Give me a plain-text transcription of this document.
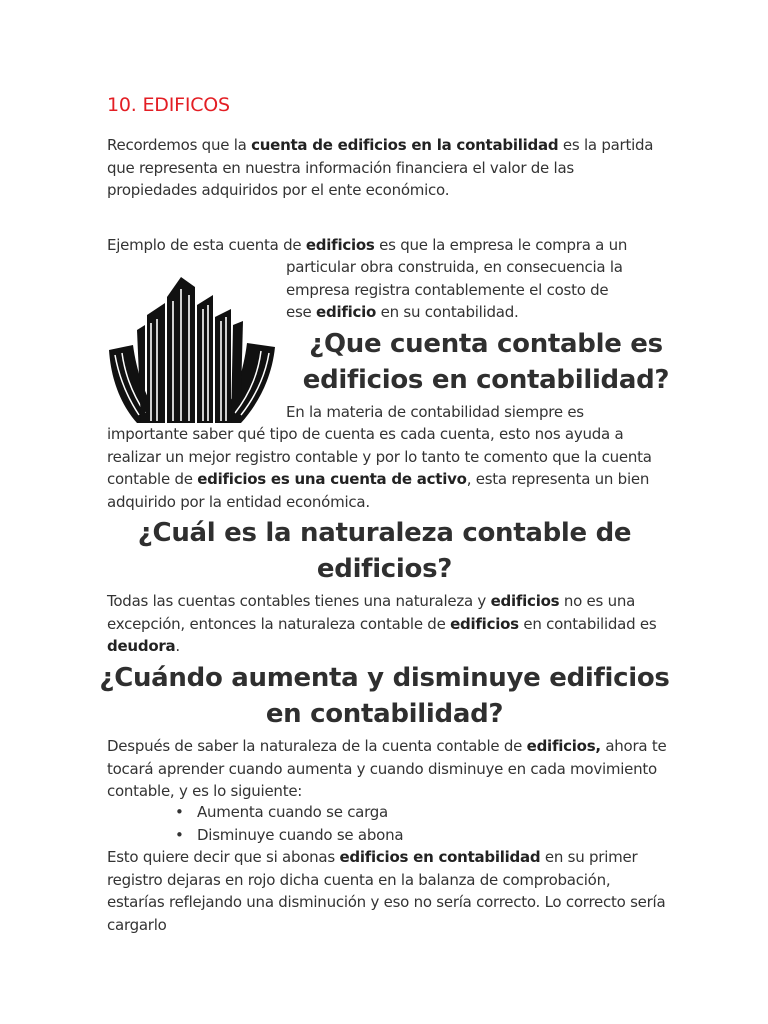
10. EDIFICOS

Recordemos que la cuenta de edificios en la contabilidad es la partida que representa en nuestra información financiera el valor de las propiedades adquiridos por el ente económico.

Ejemplo de esta cuenta de edificios es que la empresa le compra a un

particular obra construida, en consecuencia la
empresa registra contablemente el costo de
ese edificio en su contabilidad.

¿Que cuenta contable es
edificios en contabilidad?

En la materia de contabilidad siempre es

importante saber qué tipo de cuenta es cada cuenta, esto nos ayuda a realizar un mejor registro contable y por lo tanto te comento que la cuenta contable de edificios es una cuenta de activo, esta representa un bien adquirido por la entidad económica.

¿Cuál es la naturaleza contable de
edificios?

Todas las cuentas contables tienes una naturaleza y edificios no es una excepción, entonces la naturaleza contable de edificios en contabilidad es deudora.

¿Cuándo aumenta y disminuye edificios
en contabilidad?

Después de saber la naturaleza de la cuenta contable de edificios, ahora te tocará aprender cuando aumenta y cuando disminuye en cada movimiento contable, y es lo siguiente:

• Aumenta cuando se carga
• Disminuye cuando se abona

Esto quiere decir que si abonas edificios en contabilidad en su primer registro dejaras en rojo dicha cuenta en la balanza de comprobación, estarías reflejando una disminución y eso no sería correcto. Lo correcto sería cargarlo
